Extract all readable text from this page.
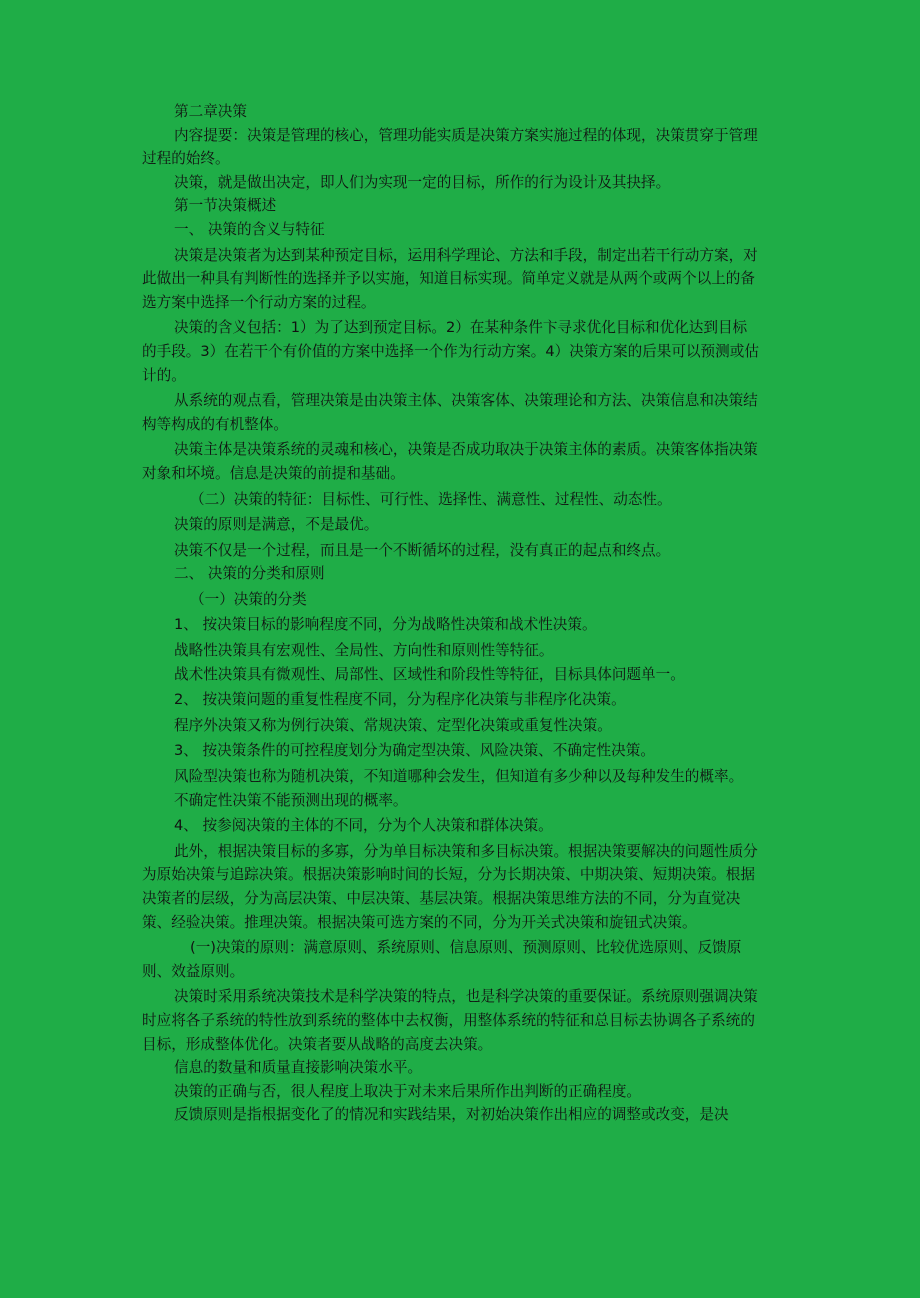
第二章决策

内容提要：决策是管理的核心，管理功能实质是决策方案实施过程的体现，决策贯穿于管理过程的始终。

决策，就是做出决定，即人们为实现一定的目标，所作的行为设计及其抉择。

第一节决策概述

一、 决策的含义与特征

决策是决策者为达到某种预定目标，运用科学理论、方法和手段，制定出若干行动方案，对此做出一种具有判断性的选择并予以实施，知道目标实现。简单定义就是从两个或两个以上的备选方案中选择一个行动方案的过程。

决策的含义包括：1）为了达到预定目标。2）在某种条件卞寻求优化目标和优化达到目标的手段。3）在若干个有价值的方案中选择一个作为行动方案。4）决策方案的后果可以预测或估计的。

从系统的观点看，管理决策是由决策主体、决策客体、决策理论和方法、决策信息和决策结构等构成的有机整体。

决策主体是决策系统的灵魂和核心，决策是否成功取决于决策主体的素质。决策客体指决策对象和坏境。信息是决策的前提和基础。

（二）决策的特征：目标性、可行性、选择性、满意性、过程性、动态性。

决策的原则是满意，不是最优。

决策不仅是一个过程，而且是一个不断循坏的过程，没有真正的起点和终点。

二、 决策的分类和原则

（一）决策的分类

1、 按决策目标的影响程度不同，分为战略性决策和战术性决策。

战略性决策具有宏观性、全局性、方向性和原则性等特征。

战术性决策具有微观性、局部性、区域性和阶段性等特征，目标具体问题单一。

2、 按决策问题的重复性程度不同，分为程序化决策与非程序化决策。

程序外决策又称为例行决策、常规决策、定型化决策或重复性决策。

3、 按决策条件的可控程度划分为确定型决策、风险决策、不确定性决策。

风险型决策也称为随机决策，不知道哪种会发生，但知道有多少种以及每种发生的概率。

不确定性决策不能预测出现的概率。

4、 按参阅决策的主体的不同，分为个人决策和群体决策。

此外，根据决策目标的多寡，分为单目标决策和多目标决策。根据决策要解决的问题性质分为原始决策与追踪决策。根据决策影响时间的长短，分为长期决策、中期决策、短期决策。根据决策者的层级，分为高层决策、中层决策、基层决策。根据决策思维方法的不同，分为直觉决策、经验决策。推理决策。根据决策可选方案的不同，分为开关式决策和旋钮式决策。

(一)决策的原则：满意原则、系统原则、信息原则、预测原则、比较优选原则、反馈原则、效益原则。

决策时采用系统决策技术是科学决策的特点，也是科学决策的重要保证。系统原则强调决策时应将各子系统的特性放到系统的整体中去权衡，用整体系统的特征和总目标去协调各子系统的目标，形成整体优化。决策者要从战略的高度去决策。

信息的数量和质量直接影响决策水平。

决策的正确与否，很人程度上取决于对未来后果所作出判断的正确程度。

反馈原则是指根据变化了的情况和实践结果，对初始决策作出相应的调整或改变，是决
